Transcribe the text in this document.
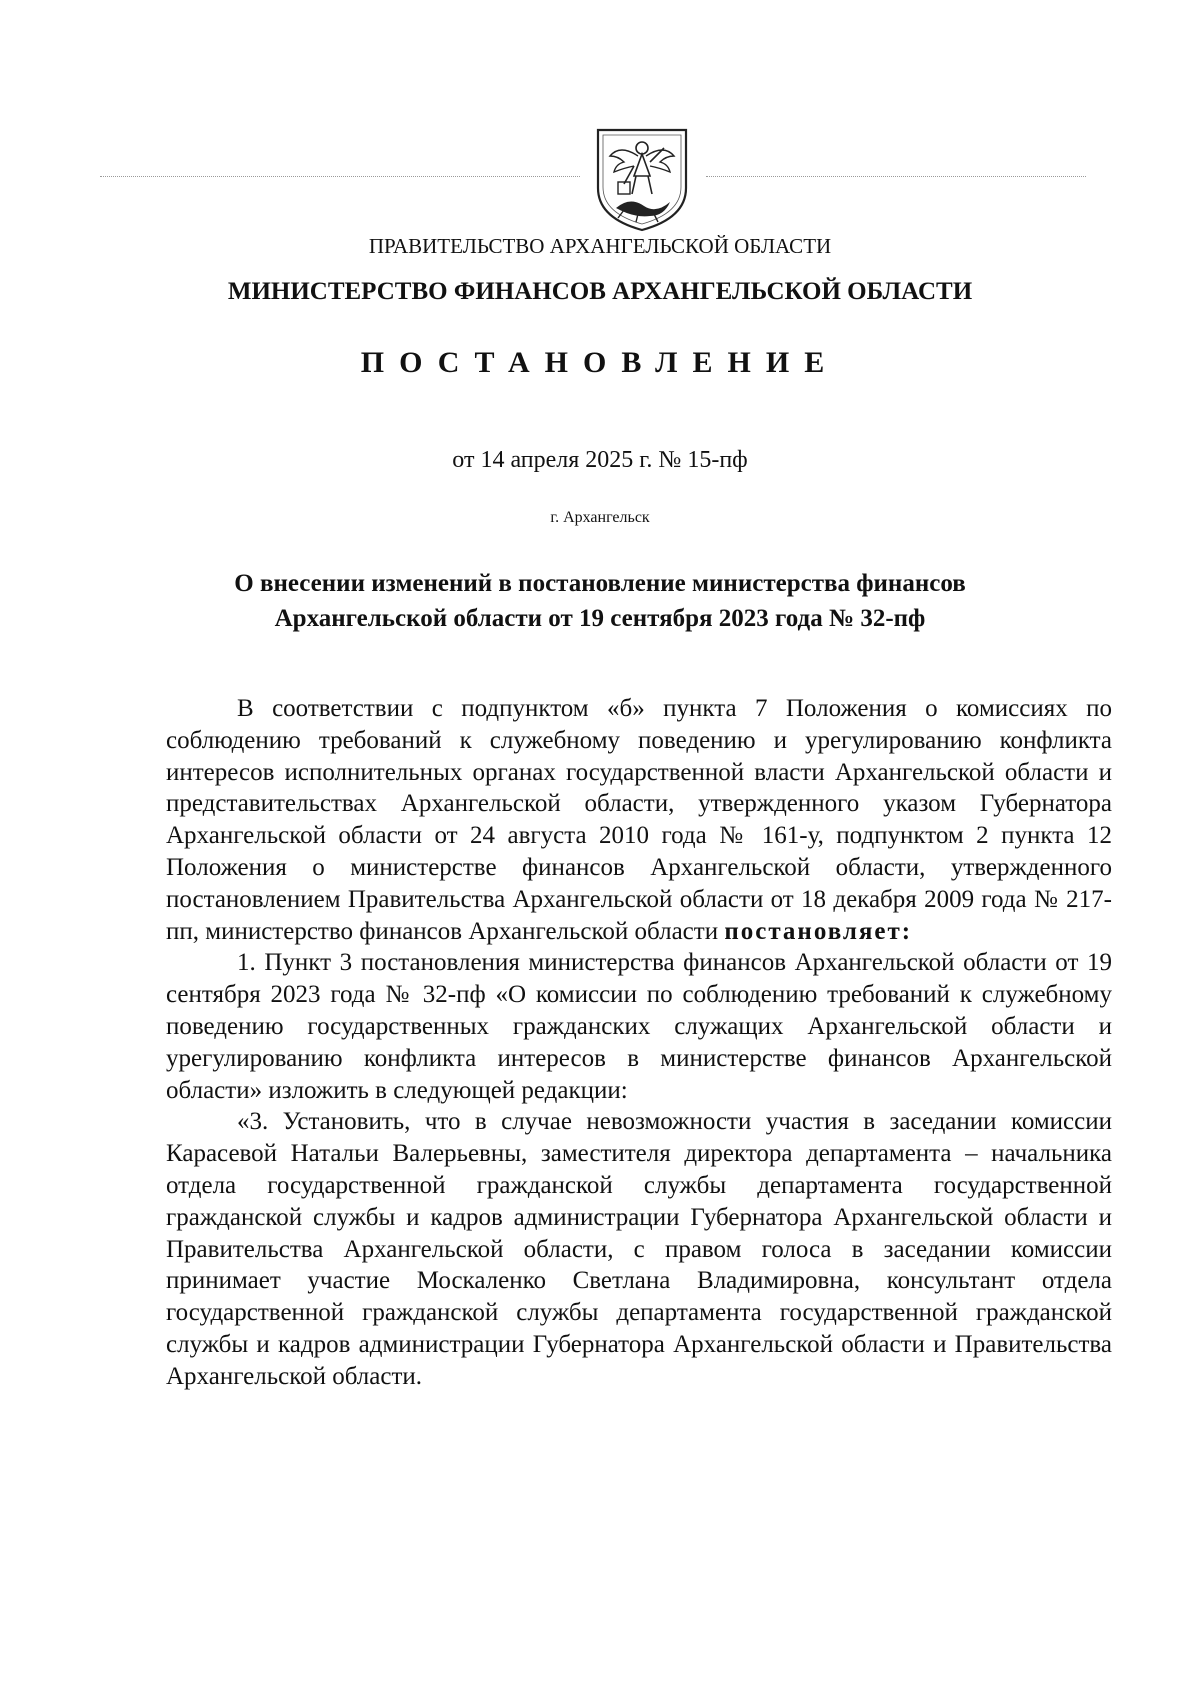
ПРАВИТЕЛЬСТВО АРХАНГЕЛЬСКОЙ ОБЛАСТИ
МИНИСТЕРСТВО ФИНАНСОВ АРХАНГЕЛЬСКОЙ ОБЛАСТИ
ПОСТАНОВЛЕНИЕ
от 14 апреля 2025 г. № 15-пф
г. Архангельск
О внесении изменений в постановление министерства финансов
Архангельской области от 19 сентября 2023 года № 32-пф

В соответствии с подпунктом «б» пункта 7 Положения о комиссиях по соблюдению требований к служебному поведению и урегулированию конфликта интересов исполнительных органах государственной власти Архангельской области и представительствах Архангельской области, утвержденного указом Губернатора Архангельской области от 24 августа 2010 года № 161-у, подпунктом 2 пункта 12 Положения о министерстве финансов Архангельской области, утвержденного постановлением Правительства Архангельской области от 18 декабря 2009 года № 217-пп, министерство финансов Архангельской области постановляет:

1. Пункт 3 постановления министерства финансов Архангельской области от 19 сентября 2023 года № 32-пф «О комиссии по соблюдению требований к служебному поведению государственных гражданских служащих Архангельской области и урегулированию конфликта интересов в министерстве финансов Архангельской области» изложить в следующей редакции:

«3. Установить, что в случае невозможности участия в заседании комиссии Карасевой Натальи Валерьевны, заместителя директора департамента – начальника отдела государственной гражданской службы департамента государственной гражданской службы и кадров администрации Губернатора Архангельской области и Правительства Архангельской области, с правом голоса в заседании комиссии принимает участие Москаленко Светлана Владимировна, консультант отдела государственной гражданской службы департамента государственной гражданской службы и кадров администрации Губернатора Архангельской области и Правительства Архангельской области.
